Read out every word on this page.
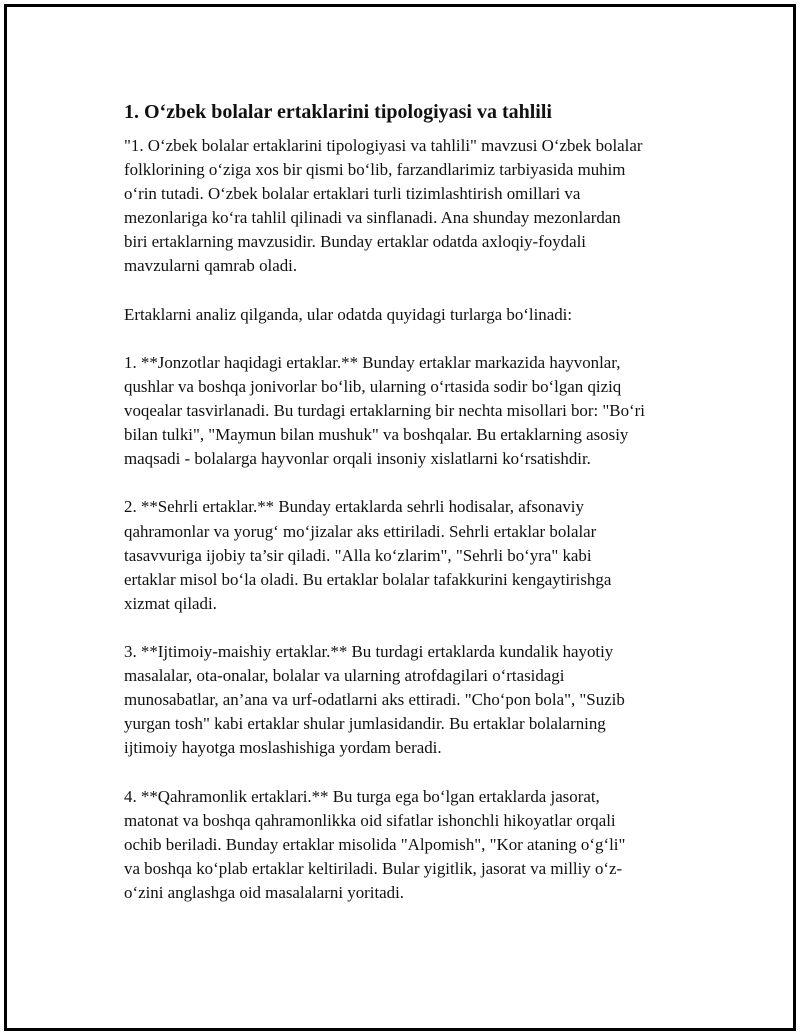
1. O‘zbek bolalar ertaklarini tipologiyasi va tahlili

"1. O‘zbek bolalar ertaklarini tipologiyasi va tahlili" mavzusi O‘zbek bolalar
folklorining o‘ziga xos bir qismi bo‘lib, farzandlarimiz tarbiyasida muhim
o‘rin tutadi. O‘zbek bolalar ertaklari turli tizimlashtirish omillari va
mezonlariga ko‘ra tahlil qilinadi va sinflanadi. Ana shunday mezonlardan
biri ertaklarning mavzusidir. Bunday ertaklar odatda axloqiy-foydali
mavzularni qamrab oladi.

Ertaklarni analiz qilganda, ular odatda quyidagi turlarga bo‘linadi:

1. **Jonzotlar haqidagi ertaklar.** Bunday ertaklar markazida hayvonlar,
qushlar va boshqa jonivorlar bo‘lib, ularning o‘rtasida sodir bo‘lgan qiziq
voqealar tasvirlanadi. Bu turdagi ertaklarning bir nechta misollari bor: "Bo‘ri
bilan tulki", "Maymun bilan mushuk" va boshqalar. Bu ertaklarning asosiy
maqsadi - bolalarga hayvonlar orqali insoniy xislatlarni ko‘rsatishdir.

2. **Sehrli ertaklar.** Bunday ertaklarda sehrli hodisalar, afsonaviy
qahramonlar va yorug‘ mo‘jizalar aks ettiriladi. Sehrli ertaklar bolalar
tasavvuriga ijobiy ta’sir qiladi. "Alla ko‘zlarim", "Sehrli bo‘yra" kabi
ertaklar misol bo‘la oladi. Bu ertaklar bolalar tafakkurini kengaytirishga
xizmat qiladi.

3. **Ijtimoiy-maishiy ertaklar.** Bu turdagi ertaklarda kundalik hayotiy
masalalar, ota-onalar, bolalar va ularning atrofdagilari o‘rtasidagi
munosabatlar, an’ana va urf-odatlarni aks ettiradi. "Cho‘pon bola", "Suzib
yurgan tosh" kabi ertaklar shular jumlasidandir. Bu ertaklar bolalarning
ijtimoiy hayotga moslashishiga yordam beradi.

4. **Qahramonlik ertaklari.** Bu turga ega bo‘lgan ertaklarda jasorat,
matonat va boshqa qahramonlikka oid sifatlar ishonchli hikoyatlar orqali
ochib beriladi. Bunday ertaklar misolida "Alpomish", "Kor ataning o‘g‘li"
va boshqa ko‘plab ertaklar keltiriladi. Bular yigitlik, jasorat va milliy o‘z-
o‘zini anglashga oid masalalarni yoritadi.
